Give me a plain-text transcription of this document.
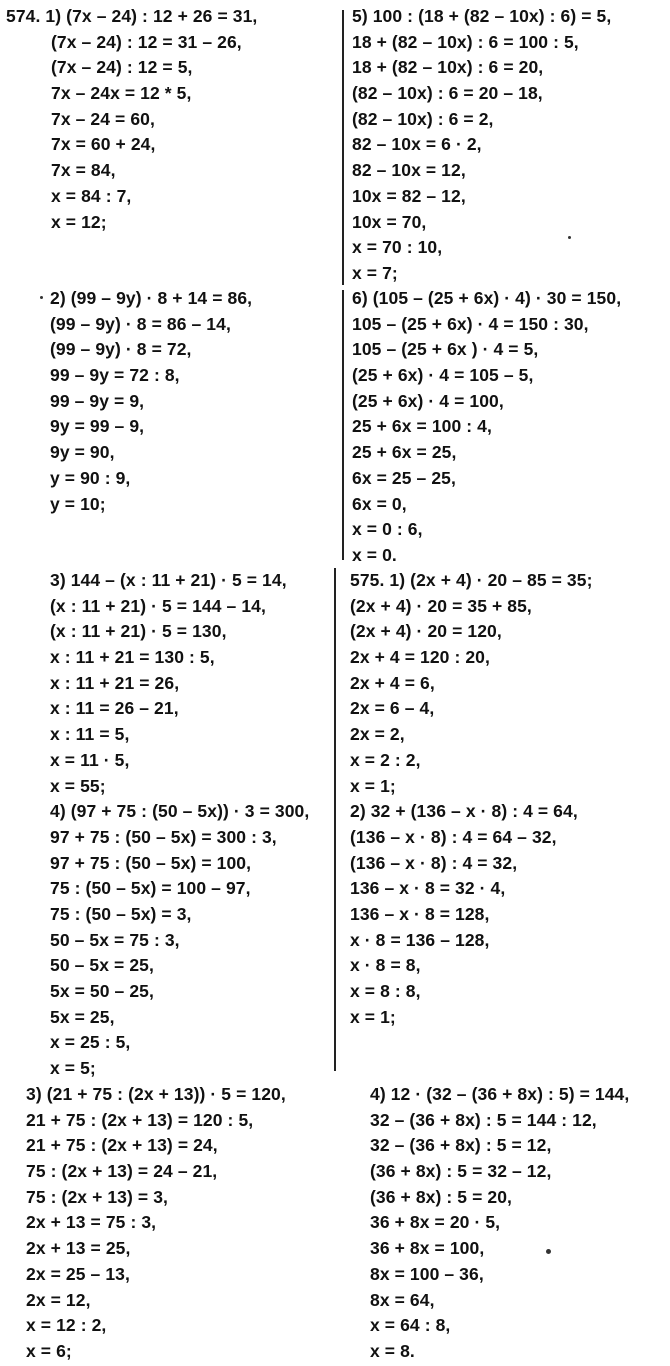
574. 1) (7x – 24) : 12 + 26 = 31,
(7x – 24) : 12 = 31 – 26,
(7x – 24) : 12 = 5,
7x – 24x = 12 * 5,
7x – 24 = 60,
7x = 60 + 24,
7x = 84,
x = 84 : 7,
x = 12;
5) 100 : (18 + (82 – 10x) : 6) = 5,
18 + (82 – 10x) : 6 = 100 : 5,
18 + (82 – 10x) : 6 = 20,
(82 – 10x) : 6 = 20 – 18,
(82 – 10x) : 6 = 2,
82 – 10x = 6 · 2,
82 – 10x = 12,
10x = 82 – 12,
10x = 70,
x = 70 : 10,
x = 7;
2) (99 – 9y) · 8 + 14 = 86,
(99 – 9y) · 8 = 86 – 14,
(99 – 9y) · 8 = 72,
99 – 9y = 72 : 8,
99 – 9y = 9,
9y = 99 – 9,
9y = 90,
y = 90 : 9,
y = 10;
6) (105 – (25 + 6x) · 4) · 30 = 150,
105 – (25 + 6x) · 4 = 150 : 30,
105 – (25 + 6x ) · 4 = 5,
(25 + 6x) · 4 = 105 – 5,
(25 + 6x) · 4 = 100,
25 + 6x = 100 : 4,
25 + 6x = 25,
6x = 25 – 25,
6x = 0,
x = 0 : 6,
x = 0.
3) 144 – (x : 11 + 21) · 5 = 14,
(x : 11 + 21) · 5 = 144 – 14,
(x : 11 + 21) · 5 = 130,
x : 11 + 21 = 130 : 5,
x : 11 + 21 = 26,
x : 11 = 26 – 21,
x : 11 = 5,
x = 11 · 5,
x = 55;
4) (97 + 75 : (50 – 5x)) · 3 = 300,
97 + 75 : (50 – 5x) = 300 : 3,
97 + 75 : (50 – 5x) = 100,
75 : (50 – 5x) = 100 – 97,
75 : (50 – 5x) = 3,
50 – 5x = 75 : 3,
50 – 5x = 25,
5x = 50 – 25,
5x = 25,
x = 25 : 5,
x = 5;
575. 1) (2x + 4) · 20 – 85 = 35;
(2x + 4) · 20 = 35 + 85,
(2x + 4) · 20 = 120,
2x + 4 = 120 : 20,
2x + 4 = 6,
2x = 6 – 4,
2x = 2,
x = 2 : 2,
x = 1;
2) 32 + (136 – x · 8) : 4 = 64,
(136 – x · 8) : 4 = 64 – 32,
(136 – x · 8) : 4 = 32,
136 – x · 8 = 32 · 4,
136 – x · 8 = 128,
x · 8 = 136 – 128,
x · 8 = 8,
x = 8 : 8,
x = 1;
3) (21 + 75 : (2x + 13)) · 5 = 120,
21 + 75 : (2x + 13) = 120 : 5,
21 + 75 : (2x + 13) = 24,
75 : (2x + 13) = 24 – 21,
75 : (2x + 13) = 3,
2x + 13 = 75 : 3,
2x + 13 = 25,
2x = 25 – 13,
2x = 12,
x = 12 : 2,
x = 6;
4) 12 · (32 – (36 + 8x) : 5) = 144,
32 – (36 + 8x) : 5 = 144 : 12,
32 – (36 + 8x) : 5 = 12,
(36 + 8x) : 5 = 32 – 12,
(36 + 8x) : 5 = 20,
36 + 8x = 20 · 5,
36 + 8x = 100,
8x = 100 – 36,
8x = 64,
x = 64 : 8,
x = 8.
